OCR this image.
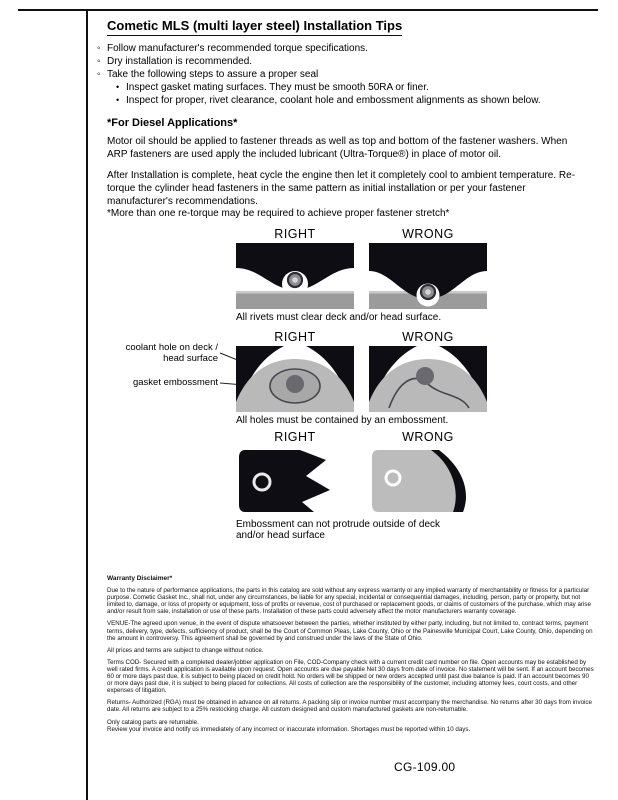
Cometic MLS (multi layer steel) Installation Tips
◦
Follow manufacturer's recommended torque specifications.
◦
Dry installation is recommended.
◦
Take the following steps to assure a proper seal
•
Inspect gasket mating surfaces. They must be smooth 50RA or finer.
•
Inspect for proper, rivet clearance, coolant hole and embossment alignments as shown below.
*For Diesel Applications*
Motor oil should be applied to fastener threads as well as top and bottom of the fastener washers. When ARP fasteners are used apply the included lubricant (Ultra-Torque®) in place of motor oil.
After Installation is complete, heat cycle the engine then let it completely cool to ambient temperature. Re-torque the cylinder head fasteners in the same pattern as initial installation or per your fastener manufacturer's recommendations.
*More than one re-torque may be required to achieve proper fastener stretch*
RIGHT	WRONG
All rivets must clear deck and/or head surface.
RIGHT	WRONG
coolant hole on deck / head surface
gasket embossment
All holes must be contained by an embossment.
RIGHT	WRONG
Embossment can not protrude outside of deck and/or head surface
Warranty Disclaimer*

Due to the nature of performance applications, the parts in this catalog are sold without any express warranty or any implied warranty of merchantability or fitness for a particular purpose. Cometic Gasket Inc., shall not, under any circumstances, be liable for any special, incidental or consequential damages, including, person, party or property, but not limited to, damage, or loss of property or equipment, loss of profits or revenue, cost of purchased or replacement goods, or claims of customers of the purchase, which may arise and/or result from sale, installation or use of these parts. Installation of these parts could adversely affect the motor manufacturers warranty coverage.

VENUE-The agreed upon venue, in the event of dispute whatsoever between the parties, whether instituted by either party, including, but not limited to, contract terms, payment terms, delivery, type, defects, sufficiency of product, shall be the Court of Common Pleas, Lake County, Ohio or the Painesville Municipal Court, Lake County, Ohio, depending on the amount in controversy. This agreement shall be governed by and construed under the laws of the State of Ohio.

All prices and terms are subject to change without notice.

Terms COD- Secured with a completed dealer/jobber application on File, COD-Company check with a current credit card number on file. Open accounts may be established by well rated firms. A credit application is available upon request. Open accounts are due payable Net 30 days from date of invoice. No statement will be sent. If an account becomes 60 or more days past due, it is subject to being placed on credit hold. No orders will be shipped or new orders accepted until past due balance is paid. If an account becomes 90 or more days past due, it is subject to being placed for collections. All costs of collection are the responsibility of the customer, including attorney fees, court costs, and other expenses of litigation.

Returns- Authorized (RGA) must be obtained in advance on all returns. A packing slip or invoice number must accompany the merchandise. No returns after 30 days from invoice date. All returns are subject to a 25% restocking charge. All custom designed and custom manufactured gaskets are non-returnable.

Only catalog parts are returnable.

Review your invoice and notify us immediately of any incorrect or inaccurate information. Shortages must be reported within 10 days.

CG-109.00
